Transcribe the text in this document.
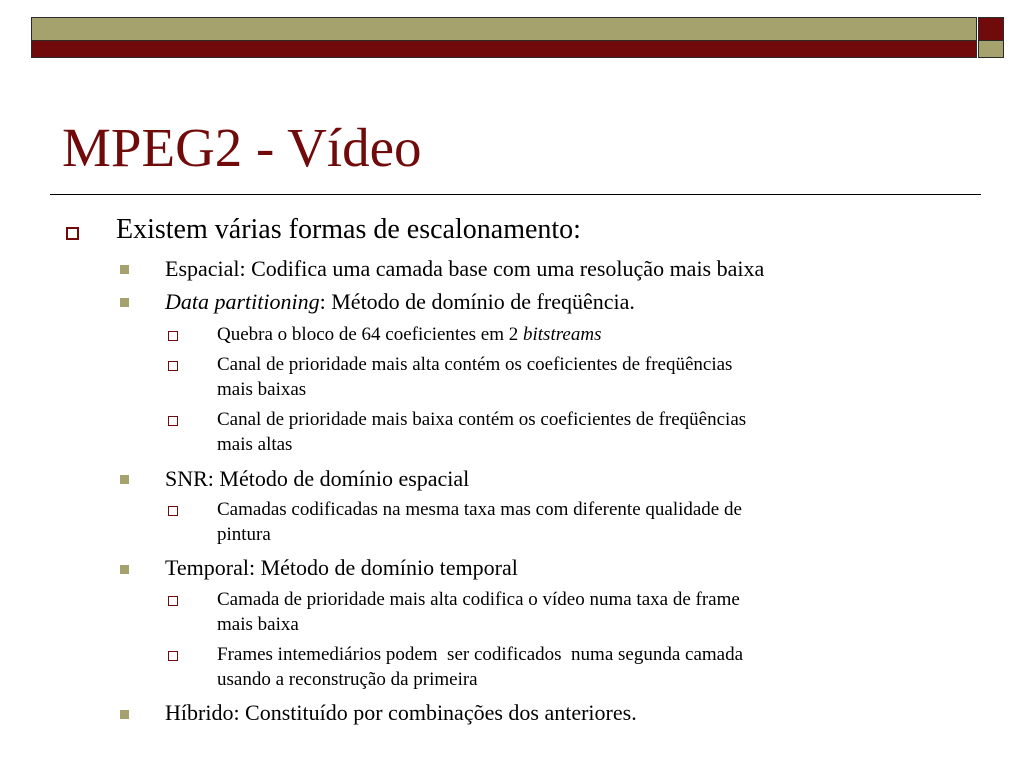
MPEG2 - Vídeo
Existem várias formas de escalonamento:
Espacial: Codifica uma camada base com uma resolução mais baixa
Data partitioning: Método de domínio de freqüência.
Quebra o bloco de 64 coeficientes em 2 bitstreams
Canal de prioridade mais alta contém os coeficientes de freqüências
mais baixas
Canal de prioridade mais baixa contém os coeficientes de freqüências
mais altas
SNR: Método de domínio espacial
Camadas codificadas na mesma taxa mas com diferente qualidade de
pintura
Temporal: Método de domínio temporal
Camada de prioridade mais alta codifica o vídeo numa taxa de frame
mais baixa
Frames intemediários podem  ser codificados  numa segunda camada
usando a reconstrução da primeira
Híbrido: Constituído por combinações dos anteriores.
